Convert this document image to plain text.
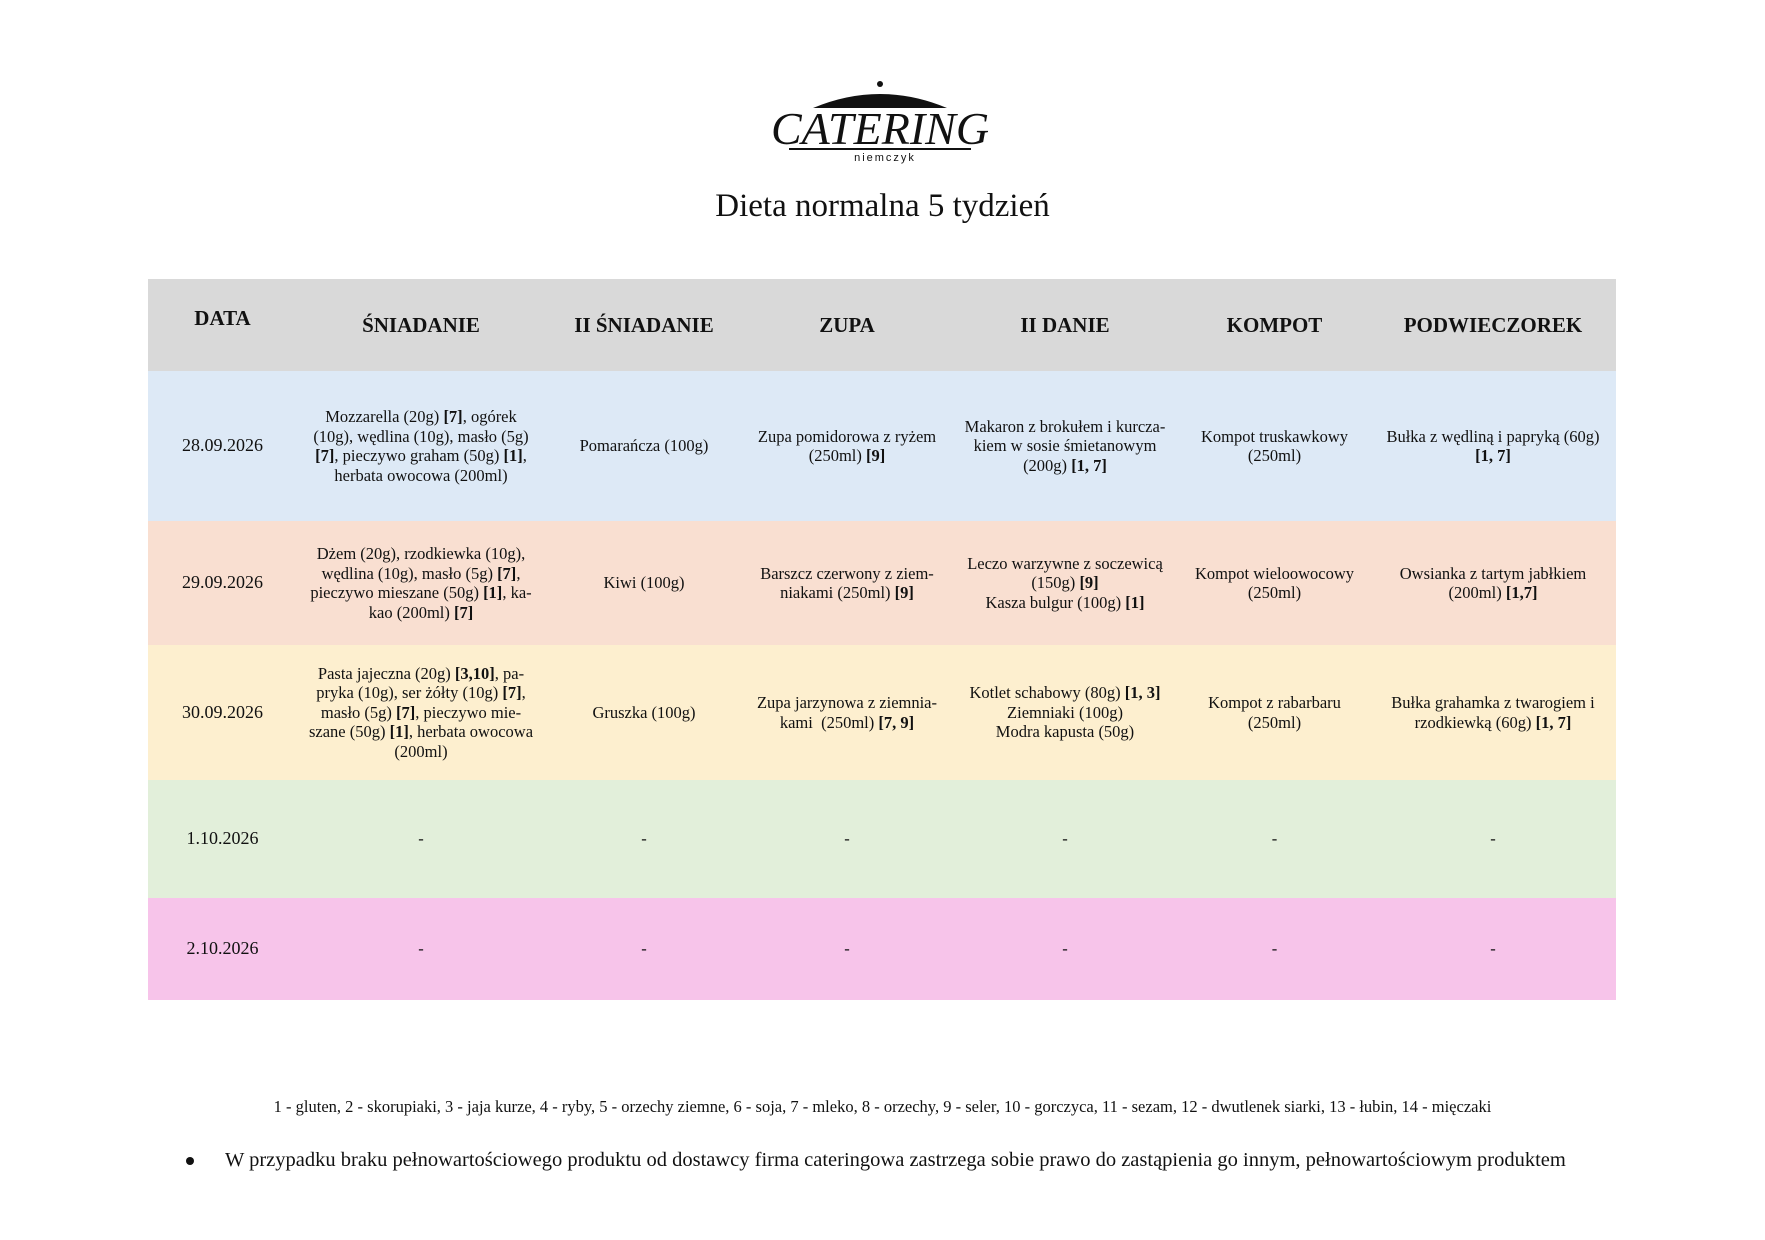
CATERING
niemczyk
Dieta normalna 5 tydzień
DATA	ŚNIADANIE	II ŚNIADANIE	ZUPA	II DANIE	KOMPOT	PODWIECZOREK
28.09.2026	Mozzarella (20g) [7], ogórek
(10g), wędlina (10g), masło (5g)
[7], pieczywo graham (50g) [1],
herbata owocowa (200ml)	Pomarańcza (100g)	Zupa pomidorowa z ryżem
(250ml) [9]	Makaron z brokułem i kurcza-
kiem w sosie śmietanowym
(200g) [1, 7]	Kompot truskawkowy
(250ml)	Bułka z wędliną i papryką (60g)
[1, 7]
29.09.2026	Dżem (20g), rzodkiewka (10g),
wędlina (10g), masło (5g) [7],
pieczywo mieszane (50g) [1], ka-
kao (200ml) [7]	Kiwi (100g)	Barszcz czerwony z ziem-
niakami (250ml) [9]	Leczo warzywne z soczewicą
(150g) [9]
Kasza bulgur (100g) [1]	Kompot wieloowocowy
(250ml)	Owsianka z tartym jabłkiem
(200ml) [1,7]
30.09.2026	Pasta jajeczna (20g) [3,10], pa-
pryka (10g), ser żółty (10g) [7],
masło (5g) [7], pieczywo mie-
szane (50g) [1], herbata owocowa
(200ml)	Gruszka (100g)	Zupa jarzynowa z ziemnia-
kami  (250ml) [7, 9]	Kotlet schabowy (80g) [1, 3]
Ziemniaki (100g)
Modra kapusta (50g)	Kompot z rabarbaru
(250ml)	Bułka grahamka z twarogiem i
rzodkiewką (60g) [1, 7]
1.10.2026	-	-	-	-	-	-
2.10.2026	-	-	-	-	-	-
1 - gluten, 2 - skorupiaki, 3 - jaja kurze, 4 - ryby, 5 - orzechy ziemne, 6 - soja, 7 - mleko, 8 - orzechy, 9 - seler, 10 - gorczyca, 11 - sezam, 12 - dwutlenek siarki, 13 - łubin, 14 - mięczaki
W przypadku braku pełnowartościowego produktu od dostawcy firma cateringowa zastrzega sobie prawo do zastąpienia go innym, pełnowartościowym produktem
